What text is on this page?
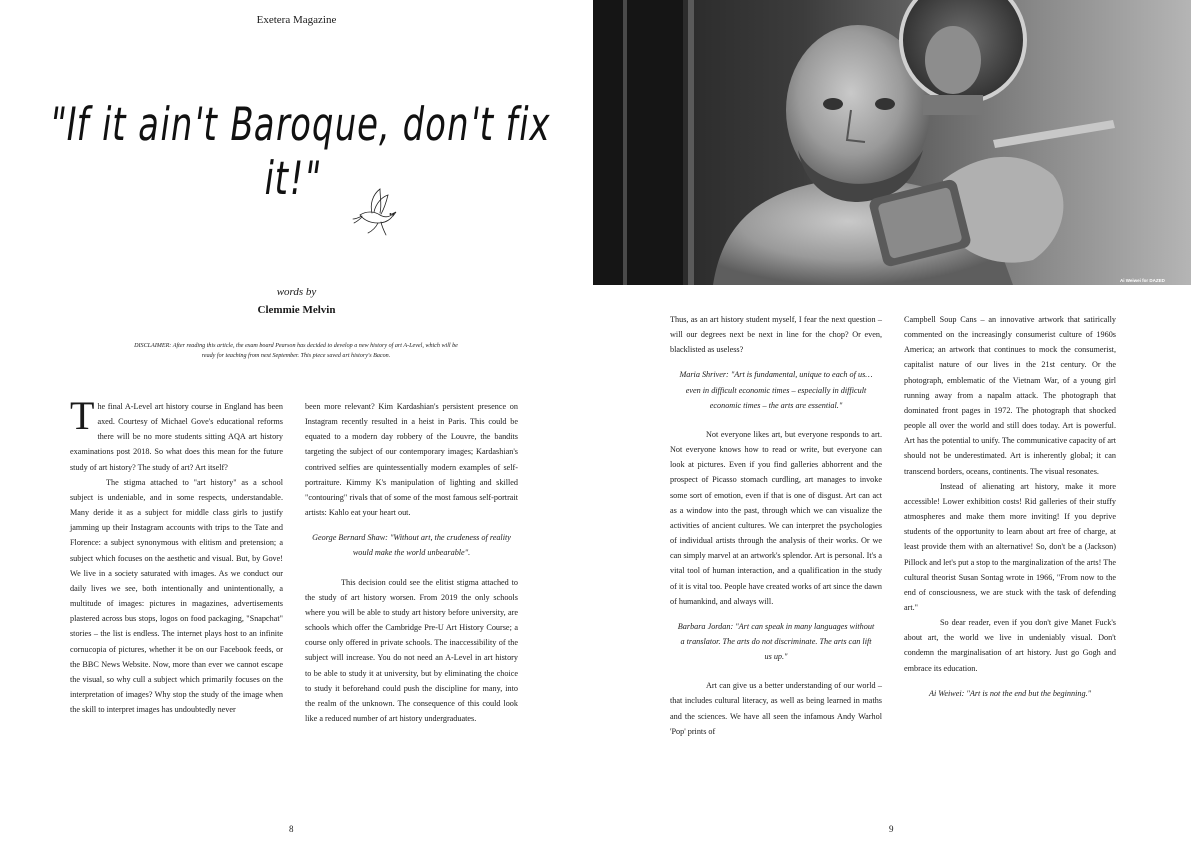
Exetera Magazine
"If it ain't Baroque, don't fix it!"
words by
Clemmie Melvin
DISCLAIMER: After reading this article, the exam board Pearson has decided to develop a new history of art A-Level, which will be ready for teaching from next September. This piece saved art history's Bacon.

The final A-Level art history course in England has been axed. Courtesy of Michael Gove's educational reforms there will be no more students sitting AQA art history examinations post 2018. So what does this mean for the future study of art history? The study of art? Art itself?

The stigma attached to "art history" as a school subject is undeniable, and in some respects, understandable. Many deride it as a subject for middle class girls to justify jamming up their Instagram accounts with trips to the Tate and Florence: a subject synonymous with elitism and pretension; a subject which focuses on the aesthetic and visual. But, by Gove! We live in a society saturated with images. As we conduct our daily lives we see, both intentionally and unintentionally, a multitude of images: pictures in magazines, advertisements plastered across bus stops, logos on food packaging, "Snapchat" stories – the list is endless. The internet plays host to an infinite cornucopia of pictures, whether it be on our Facebook feeds, or the BBC News Website. Now, more than ever we cannot escape the visual, so why cull a subject which primarily focuses on the interpretation of images? Why stop the study of the image when the skill to interpret images has undoubtedly never

been more relevant? Kim Kardashian's persistent presence on Instagram recently resulted in a heist in Paris. This could be equated to a modern day robbery of the Louvre, the bandits targeting the subject of our contemporary images; Kardashian's contrived selfies are quintessentially modern examples of self-portraiture. Kimmy K's manipulation of lighting and skilled "contouring" rivals that of some of the most famous self-portrait artists: Kahlo eat your heart out.

George Bernard Shaw: "Without art, the crudeness of reality would make the world unbearable".

This decision could see the elitist stigma attached to the study of art history worsen. From 2019 the only schools where you will be able to study art history before university, are schools which offer the Cambridge Pre-U Art History Course; a course only offered in private schools. The inaccessibility of the subject will increase. You do not need an A-Level in art history to be able to study it at university, but by eliminating the choice to study it beforehand could push the discipline for many, into the realm of the unknown. The consequence of this could look like a reduced number of art history undergraduates.

8
Ai Weiwei for DAZED

Thus, as an art history student myself, I fear the next question – will our degrees next be next in line for the chop? Or even, blacklisted as useless?

Maria Shriver: "Art is fundamental, unique to each of us…even in difficult economic times – especially in difficult economic times – the arts are essential."

Not everyone likes art, but everyone responds to art. Not everyone knows how to read or write, but everyone can look at pictures. Even if you find galleries abhorrent and the prospect of Picasso stomach curdling, art manages to invoke some sort of emotion, even if that is one of disgust. Art can act as a window into the past, through which we can visualize the activities of ancient cultures. We can interpret the psychologies of individual artists through the analysis of their works. Or we can simply marvel at an artwork's splendor. Art is personal. It's a vital tool of human interaction, and a qualification in the study of it is vital too. People have created works of art since the dawn of humankind, and always will.

Barbara Jordan: "Art can speak in many languages without a translator. The arts do not discriminate. The arts can lift us up."

Art can give us a better understanding of our world – that includes cultural literacy, as well as being learned in maths and the sciences. We have all seen the infamous Andy Warhol 'Pop' prints of

Campbell Soup Cans – an innovative artwork that satirically commented on the increasingly consumerist culture of 1960s America; an artwork that continues to mock the consumerist, capitalist nature of our lives in the 21st century. Or the photograph, emblematic of the Vietnam War, of a young girl running away from a napalm attack. The photograph that dominated front pages in 1972. The photograph that shocked people all over the world and still does today. Art is powerful. Art has the potential to unify. The communicative capacity of art should not be underestimated. Art is inherently global; it can transcend borders, oceans, continents. The visual resonates.

Instead of alienating art history, make it more accessible! Lower exhibition costs! Rid galleries of their stuffy atmospheres and make them more inviting! If you deprive students of the opportunity to learn about art free of charge, at least provide them with an alternative! So, don't be a (Jackson) Pillock and let's put a stop to the marginalization of the arts! The cultural theorist Susan Sontag wrote in 1966, "From now to the end of consciousness, we are stuck with the task of defending art."

So dear reader, even if you don't give Manet Fuck's about art, the world we live in undeniably visual. Don't condemn the marginalisation of art history. Just go Gogh and embrace its education.

Ai Weiwei: "Art is not the end but the beginning."

9
